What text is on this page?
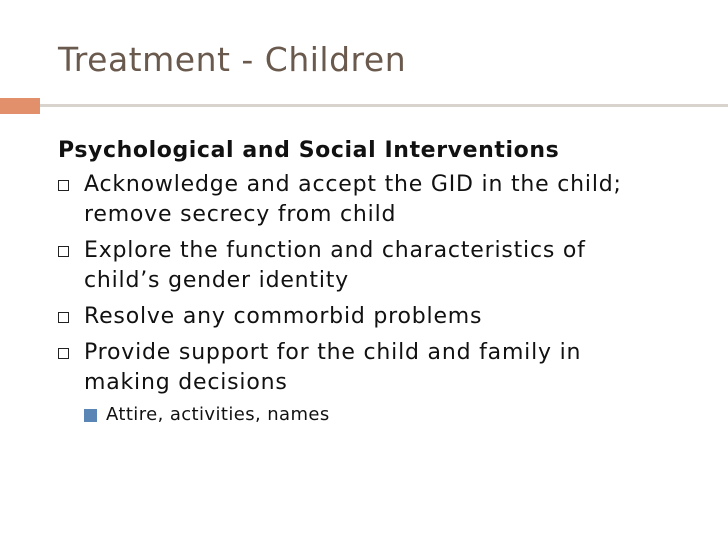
Treatment - Children

Psychological and Social Interventions

Acknowledge and accept the GID in the child;
remove secrecy from child
Explore the function and characteristics of
child’s gender identity
Resolve any commorbid problems
Provide support for the child and family in
making decisions
Attire, activities, names
